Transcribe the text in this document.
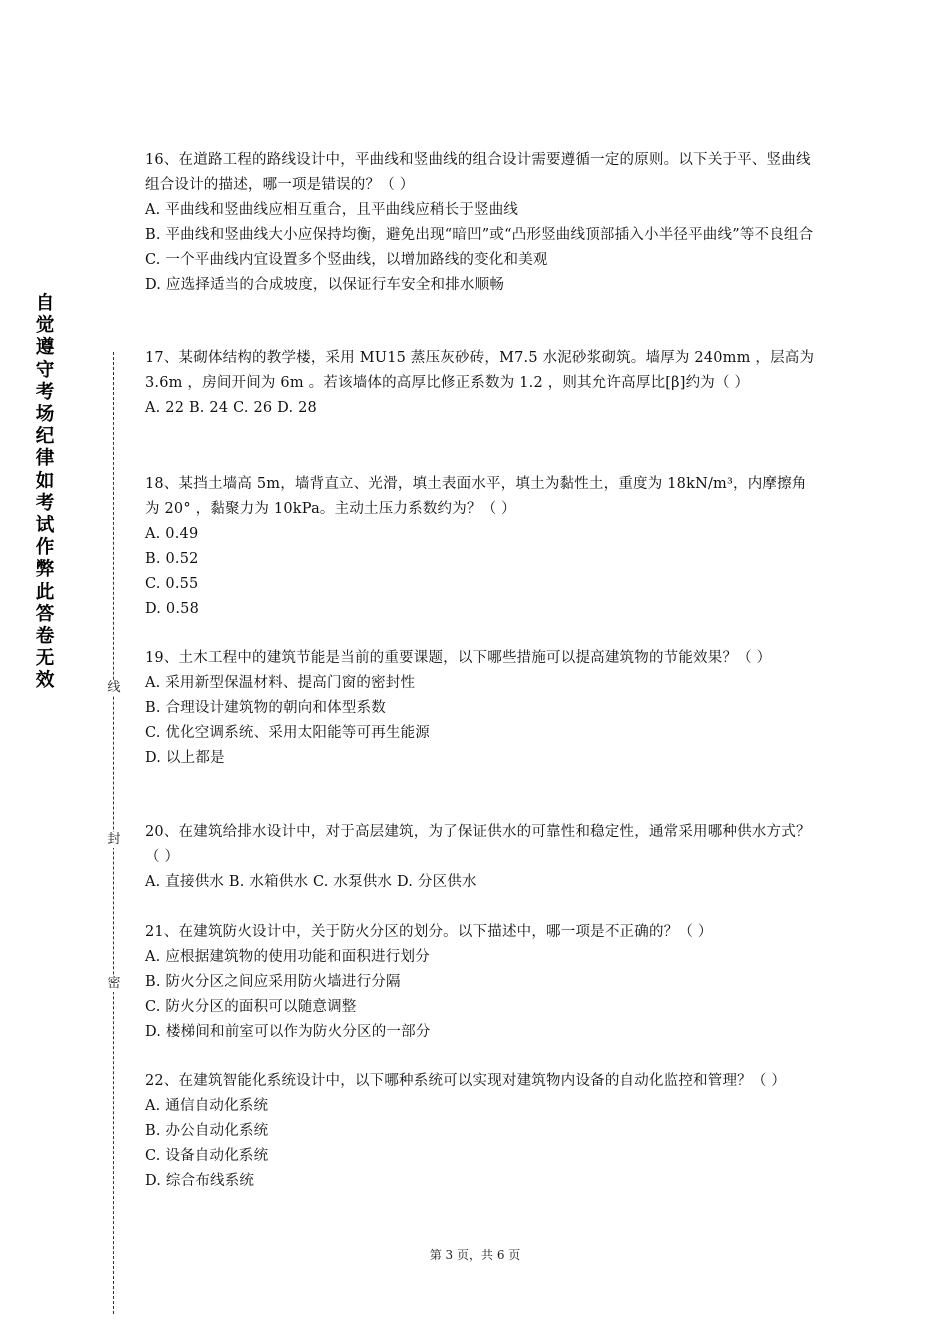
自
觉
遵
守
考
场
纪
律
如
考
试
作
弊
此
答
卷
无
效	线
封
密
16、在道路工程的路线设计中，平曲线和竖曲线的组合设计需要遵循一定的原则。以下关于平、竖曲线组合设计的描述，哪一项是错误的？（ ）
A. 平曲线和竖曲线应相互重合，且平曲线应稍长于竖曲线
B. 平曲线和竖曲线大小应保持均衡，避免出现“暗凹”或“凸形竖曲线顶部插入小半径平曲线”等不良组合
C. 一个平曲线内宜设置多个竖曲线，以增加路线的变化和美观
D. 应选择适当的合成坡度，以保证行车安全和排水顺畅
17、某砌体结构的教学楼，采用 MU15 蒸压灰砂砖，M7.5 水泥砂浆砌筑。墙厚为 240mm ，层高为 3.6m ，房间开间为 6m 。若该墙体的高厚比修正系数为 1.2 ，则其允许高厚比[β]约为（ ）
A. 22 B. 24 C. 26 D. 28
18、某挡土墙高 5m，墙背直立、光滑，填土表面水平，填土为黏性土，重度为 18kN/m³，内摩擦角为 20° ，黏聚力为 10kPa。主动土压力系数约为？（ ）
A. 0.49
B. 0.52
C. 0.55
D. 0.58
19、土木工程中的建筑节能是当前的重要课题，以下哪些措施可以提高建筑物的节能效果？（ ）
A. 采用新型保温材料、提高门窗的密封性
B. 合理设计建筑物的朝向和体型系数
C. 优化空调系统、采用太阳能等可再生能源
D. 以上都是
20、在建筑给排水设计中，对于高层建筑，为了保证供水的可靠性和稳定性，通常采用哪种供水方式？（ ）
A. 直接供水 B. 水箱供水 C. 水泵供水 D. 分区供水
21、在建筑防火设计中，关于防火分区的划分。以下描述中，哪一项是不正确的？（ ）
A. 应根据建筑物的使用功能和面积进行划分
B. 防火分区之间应采用防火墙进行分隔
C. 防火分区的面积可以随意调整
D. 楼梯间和前室可以作为防火分区的一部分
22、在建筑智能化系统设计中，以下哪种系统可以实现对建筑物内设备的自动化监控和管理？（ ）
A. 通信自动化系统
B. 办公自动化系统
C. 设备自动化系统
D. 综合布线系统
第 3 页，共 6 页
